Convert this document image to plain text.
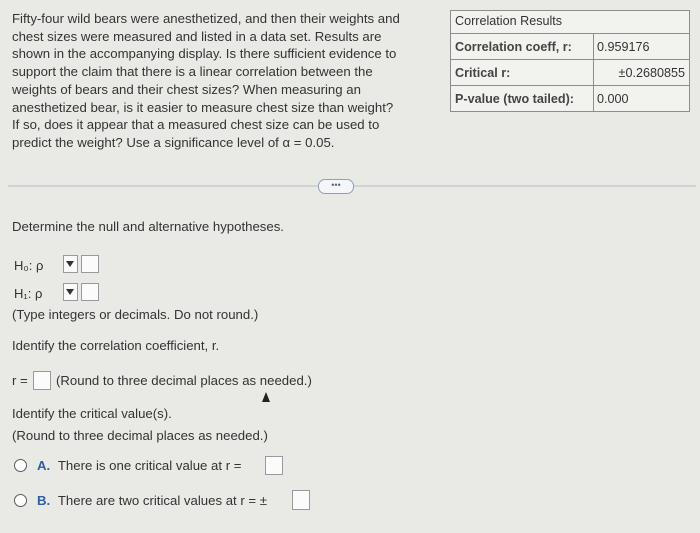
Fifty-four wild bears were anesthetized, and then their weights and
chest sizes were measured and listed in a data set. Results are
shown in the accompanying display. Is there sufficient evidence to
support the claim that there is a linear correlation between the
weights of bears and their chest sizes? When measuring an
anesthetized bear, is it easier to measure chest size than weight?
If so, does it appear that a measured chest size can be used to
predict the weight? Use a significance level of α = 0.05.
Correlation Results
Correlation coeff, r:	0.959176
Critical r:	±0.2680855
P-value (two tailed):	0.000
•••
Determine the null and alternative hypotheses.
H₀: ρ
H₁: ρ
(Type integers or decimals. Do not round.)
Identify the correlation coefficient, r.
r = (Round to three decimal places as needed.)
Identify the critical value(s).
(Round to three decimal places as needed.)
A. There is one critical value at r =
B. There are two critical values at r = ±
